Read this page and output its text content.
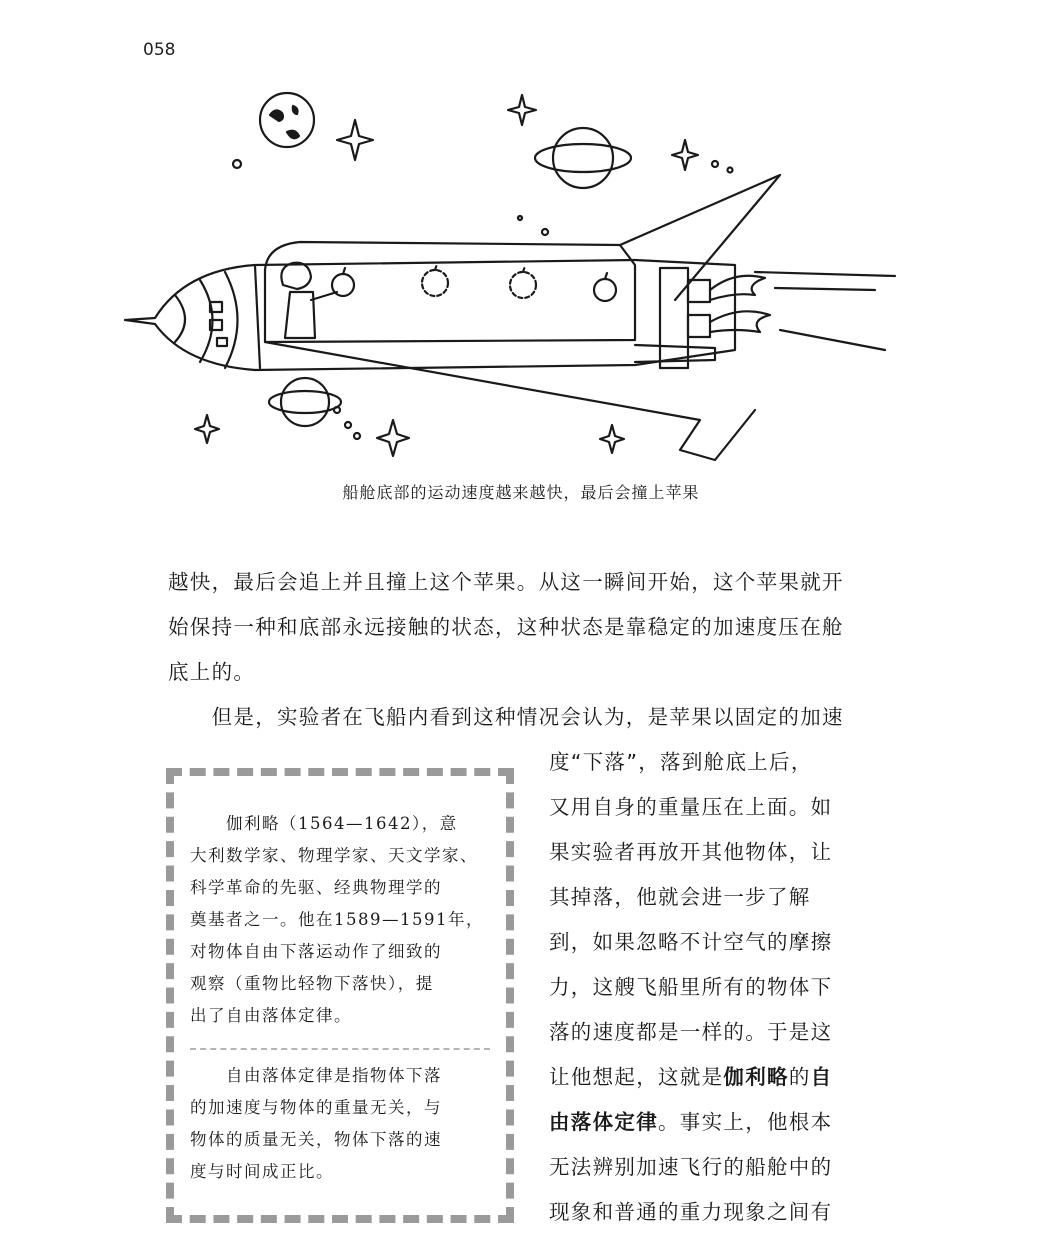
058
船舱底部的运动速度越来越快，最后会撞上苹果
越快，最后会追上并且撞上这个苹果。从这一瞬间开始，这个苹果就开
始保持一种和底部永远接触的状态，这种状态是靠稳定的加速度压在舱
底上的。
　　但是，实验者在飞船内看到这种情况会认为，是苹果以固定的加速
度“下落”，落到舱底上后，
又用自身的重量压在上面。如
果实验者再放开其他物体，让
其掉落，他就会进一步了解
到，如果忽略不计空气的摩擦
力，这艘飞船里所有的物体下
落的速度都是一样的。于是这
让他想起，这就是伽利略的自
由落体定律。事实上，他根本
无法辨别加速飞行的船舱中的
现象和普通的重力现象之间有
　　伽利略（1564—1642），意
大利数学家、物理学家、天文学家、
科学革命的先驱、经典物理学的
奠基者之一。他在1589—1591年，
对物体自由下落运动作了细致的
观察（重物比轻物下落快），提
出了自由落体定律。
　　自由落体定律是指物体下落
的加速度与物体的重量无关，与
物体的质量无关，物体下落的速
度与时间成正比。
